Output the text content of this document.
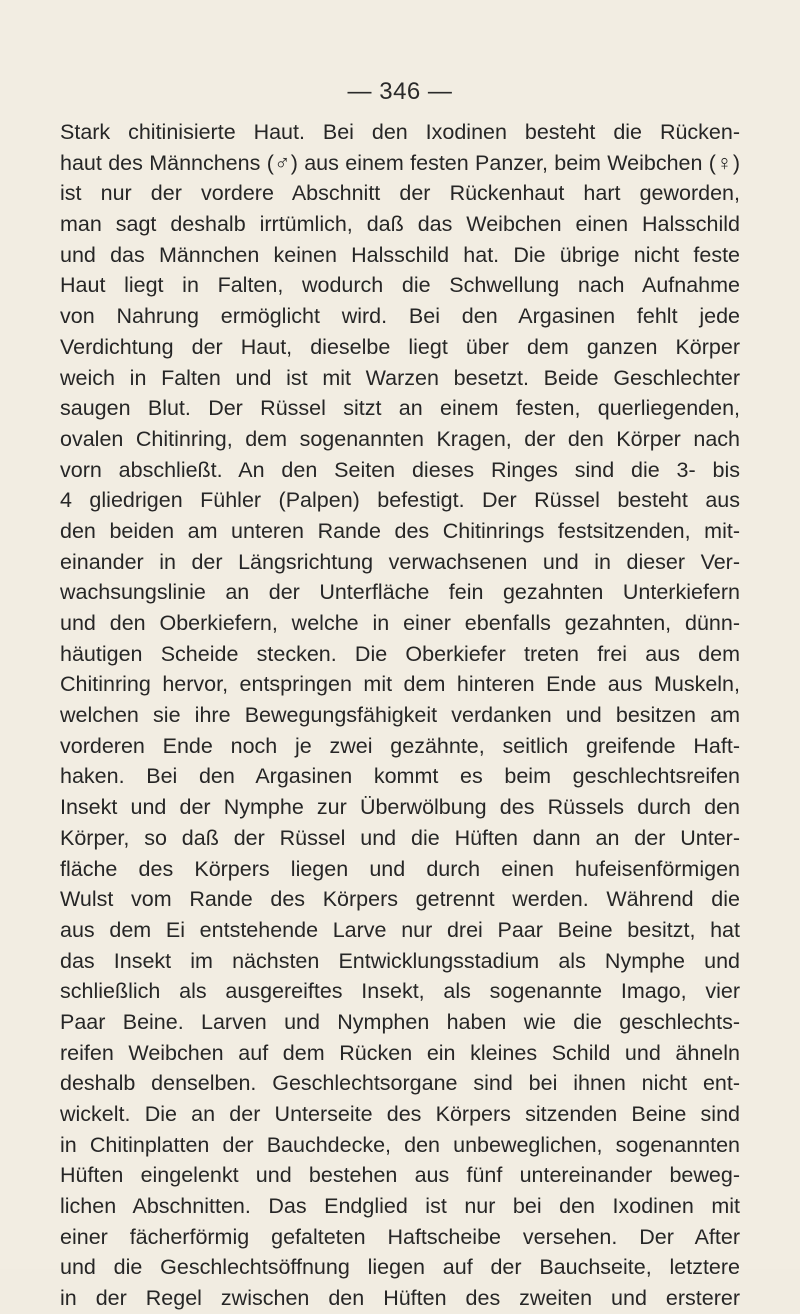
— 346 —
Stark chitinisierte Haut. Bei den Ixodinen besteht die Rücken-
haut des Männchens (♂) aus einem festen Panzer, beim Weibchen (♀)
ist nur der vordere Abschnitt der Rückenhaut hart geworden,
man sagt deshalb irrtümlich, daß das Weibchen einen Halsschild
und das Männchen keinen Halsschild hat. Die übrige nicht feste
Haut liegt in Falten, wodurch die Schwellung nach Aufnahme
von Nahrung ermöglicht wird. Bei den Argasinen fehlt jede
Verdichtung der Haut, dieselbe liegt über dem ganzen Körper
weich in Falten und ist mit Warzen besetzt. Beide Geschlechter
saugen Blut. Der Rüssel sitzt an einem festen, querliegenden,
ovalen Chitinring, dem sogenannten Kragen, der den Körper nach
vorn abschließt. An den Seiten dieses Ringes sind die 3- bis
4 gliedrigen Fühler (Palpen) befestigt. Der Rüssel besteht aus
den beiden am unteren Rande des Chitinrings festsitzenden, mit-
einander in der Längsrichtung verwachsenen und in dieser Ver-
wachsungslinie an der Unterfläche fein gezahnten Unterkiefern
und den Oberkiefern, welche in einer ebenfalls gezahnten, dünn-
häutigen Scheide stecken. Die Oberkiefer treten frei aus dem
Chitinring hervor, entspringen mit dem hinteren Ende aus Muskeln,
welchen sie ihre Bewegungsfähigkeit verdanken und besitzen am
vorderen Ende noch je zwei gezähnte, seitlich greifende Haft-
haken. Bei den Argasinen kommt es beim geschlechtsreifen
Insekt und der Nymphe zur Überwölbung des Rüssels durch den
Körper, so daß der Rüssel und die Hüften dann an der Unter-
fläche des Körpers liegen und durch einen hufeisenförmigen
Wulst vom Rande des Körpers getrennt werden. Während die
aus dem Ei entstehende Larve nur drei Paar Beine besitzt, hat
das Insekt im nächsten Entwicklungsstadium als Nymphe und
schließlich als ausgereiftes Insekt, als sogenannte Imago, vier
Paar Beine. Larven und Nymphen haben wie die geschlechts-
reifen Weibchen auf dem Rücken ein kleines Schild und ähneln
deshalb denselben. Geschlechtsorgane sind bei ihnen nicht ent-
wickelt. Die an der Unterseite des Körpers sitzenden Beine sind
in Chitinplatten der Bauchdecke, den unbeweglichen, sogenannten
Hüften eingelenkt und bestehen aus fünf untereinander beweg-
lichen Abschnitten. Das Endglied ist nur bei den Ixodinen mit
einer fächerförmig gefalteten Haftscheibe versehen. Der After
und die Geschlechtsöffnung liegen auf der Bauchseite, letztere
in der Regel zwischen den Hüften des zweiten und ersterer
